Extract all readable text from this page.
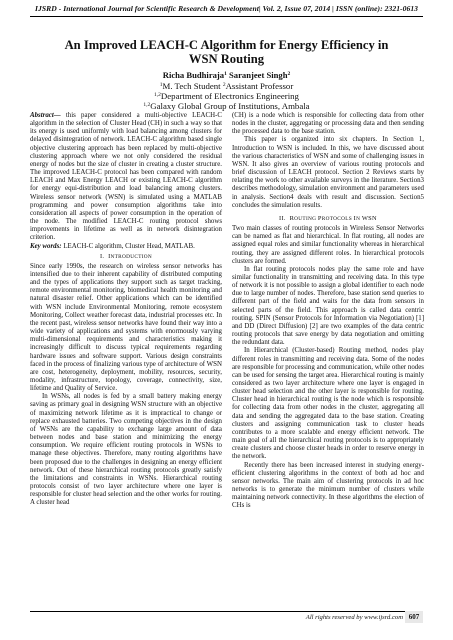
IJSRD - International Journal for Scientific Research & Development| Vol. 2, Issue 07, 2014 | ISSN (online): 2321-0613
An Improved LEACH-C Algorithm for Energy Efficiency in WSN Routing
Richa Budhiraja$^1$ Saranjeet Singh$^2$
$^1$M. Tech Student $^2$Assistant Professor
$^{1,2}$Department of Electronics Engineering
$^{1,2}$Galaxy Global Group of Institutions, Ambala

Abstract— this paper considered a multi-objective LEACH-C algorithm in the selection of Cluster Head (CH) in such a way so that its energy is used uniformly with load balancing among clusters for delayed disintegration of network. LEACH-C algorithm based single objective clustering approach has been replaced by multi-objective clustering approach where we not only considered the residual energy of nodes but the size of cluster in creating a cluster structure. The improved LEACH-C protocol has been compared with random LEACH and Max Energy LEACH or existing LEACH-C algorithm for energy equi-distribution and load balancing among clusters. Wireless sensor network (WSN) is simulated using a MATLAB programming and power consumption algorithms take into consideration all aspects of power consumption in the operation of the node. The modified LEACH-C routing protocol shows improvements in lifetime as well as in network disintegration criterion.

Key words: LEACH-C algorithm, Cluster Head, MATLAB.

I. INTRODUCTION

Since early 1990s, the research on wireless sensor networks has intensified due to their inherent capability of distributed computing and the types of applications they support such as target tracking, remote environmental monitoring, biomedical health monitoring and natural disaster relief. Other applications which can be identified with WSN include Environmental Monitoring, remote ecosystem Monitoring, Collect weather forecast data, industrial processes etc. In the recent past, wireless sensor networks have found their way into a wide variety of applications and systems with enormously varying multi-dimensional requirements and characteristics making it increasingly difficult to discuss typical requirements regarding hardware issues and software support. Various design constraints faced in the process of finalizing various type of architecture of WSN are cost, heterogeneity, deployment, mobility, resources, security, modality, infrastructure, topology, coverage, connectivity, size, lifetime and Quality of Service.

In WSNs, all nodes is fed by a small battery making energy saving as primary goal in designing WSN structure with an objective of maximizing network lifetime as it is impractical to change or replace exhausted batteries. Two competing objectives in the design of WSNs are the capability to exchange large amount of data between nodes and base station and minimizing the energy consumption. We require efficient routing protocols in WSNs to manage these objectives. Therefore, many routing algorithms have been proposed due to the challenges in designing an energy efficient network. Out of these hierarchical routing protocols greatly satisfy the limitations and constraints in WSNs. Hierarchical routing protocols consist of two layer architecture where one layer is responsible for cluster head selection and the other works for routing. A cluster head

(CH) is a node which is responsible for collecting data from other nodes in the cluster, aggregating or processing data and then sending the processed data to the base station.

This paper is organized into six chapters. In Section 1, Introduction to WSN is included. In this, we have discussed about the various characteristics of WSN and some of challenging issues in WSN. It also gives an overview of various routing protocols and brief discussion of LEACH protocol. Section 2 Reviews starts by relating the work to other available surveys in the literature. Section3 describes methodology, simulation environment and parameters used in analysis. Section4 deals with result and discussion. Section5 concludes the simulation results.

II. ROUTING PROTOCOLS IN WSN

Two main classes of routing protocols in Wireless Sensor Networks can be named as flat and hierarchical. In flat routing, all nodes are assigned equal roles and similar functionality whereas in hierarchical routing, they are assigned different roles. In hierarchical protocols clusters are formed.

In flat routing protocols nodes play the same role and have similar functionality in transmitting and receiving data. In this type of network it is not possible to assign a global identifier to each node due to large number of nodes. Therefore, base station send queries to different part of the field and waits for the data from sensors in selected parts of the field. This approach is called data centric routing. SPIN (Sensor Protocols for Information via Negotiation) [1] and DD (Direct Diffusion) [2] are two examples of the data centric routing protocols that save energy by data negotiation and omitting the redundant data.

In Hierarchical (Cluster-based) Routing method, nodes play different roles in transmitting and receiving data. Some of the nodes are responsible for processing and communication, while other nodes can be used for sensing the target area. Hierarchical routing is mainly considered as two layer architecture where one layer is engaged in cluster head selection and the other layer is responsible for routing. Cluster head in hierarchical routing is the node which is responsible for collecting data from other nodes in the cluster, aggregating all data and sending the aggregated data to the base station. Creating clusters and assigning communication task to cluster heads contributes to a more scalable and energy efficient network. The main goal of all the hierarchical routing protocols is to appropriately create clusters and choose cluster heads in order to reserve energy in the network.

Recently there has been increased interest in studying energy-efficient clustering algorithms in the context of both ad hoc and sensor networks. The main aim of clustering protocols in ad hoc networks is to generate the minimum number of clusters while maintaining network connectivity. In these algorithms the election of CHs is

All rights reserved by www.ijsrd.com 607
